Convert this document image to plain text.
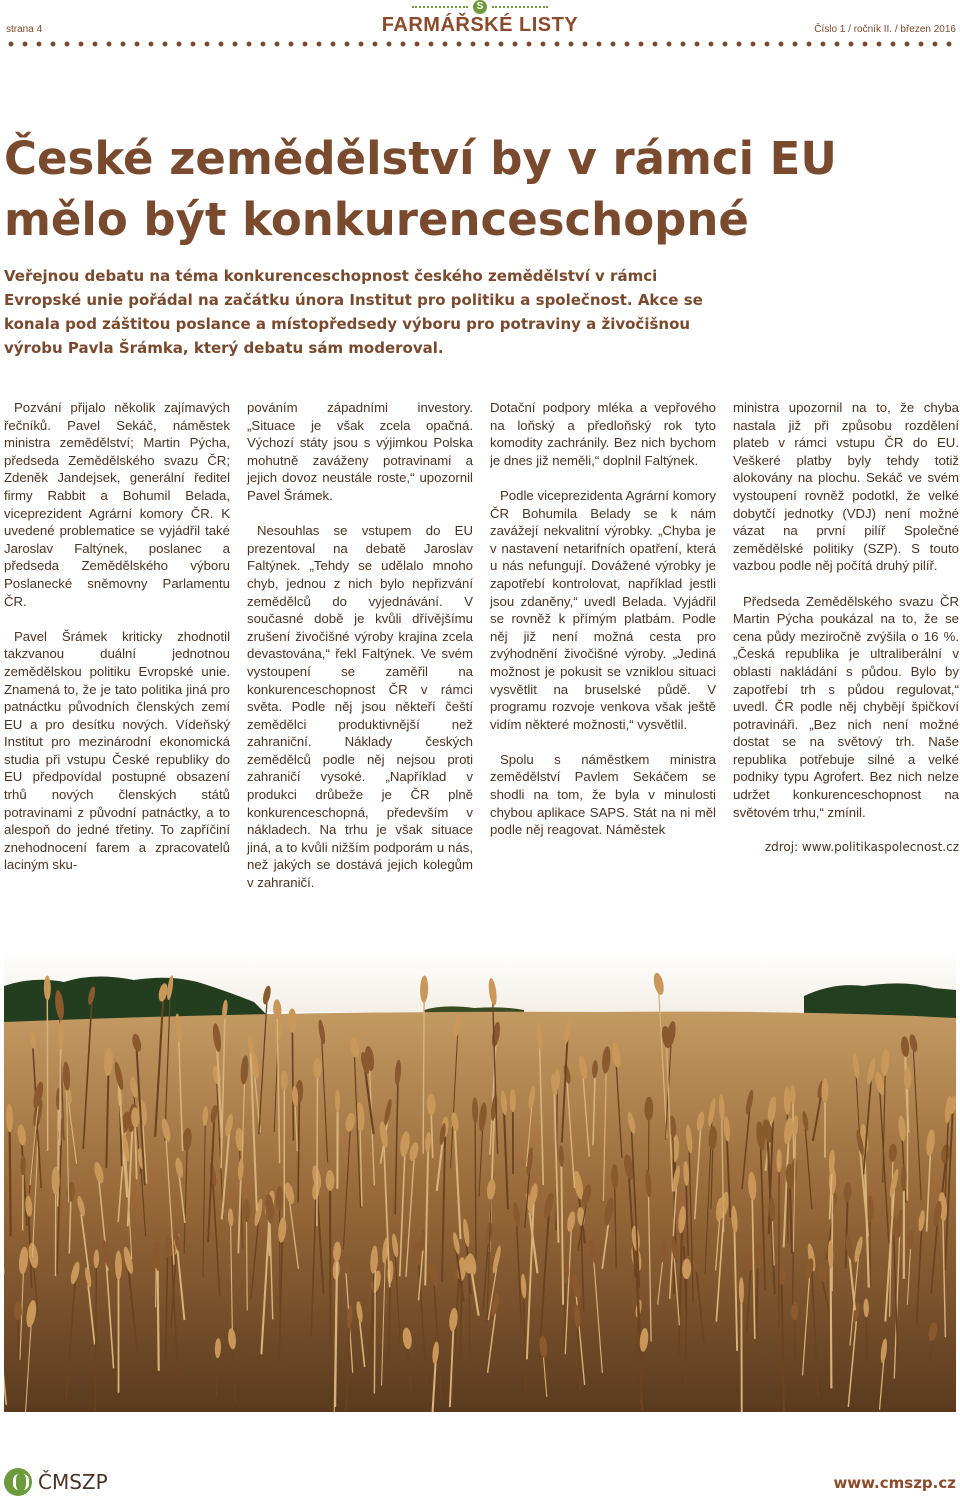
strana 4
S
FARMÁŘSKÉ LISTY	Číslo 1 / ročník II. / březen 2016
České zemědělství by v rámci EU
mělo být konkurenceschopné

Veřejnou debatu na téma konkurenceschopnost českého zemědělství v rámci Evropské unie pořádal na začátku února Institut pro politiku a společnost. Akce se konala pod záštitou poslance a místopředsedy výboru pro potraviny a živočišnou výrobu Pavla Šrámka, který debatu sám moderoval.

Pozvání přijalo několik zajímavých řečníků. Pavel Sekáč, náměstek ministra zemědělství; Martin Pýcha, předseda Zemědělského svazu ČR; Zdeněk Jandejsek, generální ředitel firmy Rabbit a Bohumil Belada, viceprezident Agrární komory ČR. K uvedené problematice se vyjádřil také Jaroslav Faltýnek, poslanec a předseda Zemědělského výboru Poslanecké sněmovny Parlamentu ČR.

Pavel Šrámek kriticky zhodnotil takzvanou duální jednotnou zemědělskou politiku Evropské unie. Znamená to, že je tato politika jiná pro patnáctku původních členských zemí EU a pro desítku nových. Vídeňský Institut pro mezinárodní ekonomická studia při vstupu České republiky do EU předpovídal postupné obsazení trhů nových členských států potravinami z původní patnáctky, a to alespoň do jedné třetiny. To zapříčiní znehodnocení farem a zpracovatelů laciným sku-

pováním západními investory. „Situace je však zcela opačná. Výchozí státy jsou s výjimkou Polska mohutně zaváženy potravinami a jejich dovoz neustále roste,“ upozornil Pavel Šrámek.

Nesouhlas se vstupem do EU prezentoval na debatě Jaroslav Faltýnek. „Tehdy se udělalo mnoho chyb, jednou z nich bylo nepřizvání zemědělců do vyjednávání. V současné době je kvůli dřívějšímu zrušení živočišné výroby krajina zcela devastována,“ řekl Faltýnek. Ve svém vystoupení se zaměřil na konkurenceschopnost ČR v rámci světa. Podle něj jsou někteří čeští zemědělci produktivnější než zahraniční. Náklady českých zemědělců podle něj nejsou proti zahraničí vysoké. „Například v produkci drůbeže je ČR plně konkurenceschopná, především v nákladech. Na trhu je však situace jiná, a to kvůli nižším podporám u nás, než jakých se dostává jejich kolegům v zahraničí.

Dotační podpory mléka a vepřového na loňský a předloňský rok tyto komodity zachránily. Bez nich bychom je dnes již neměli,“ doplnil Faltýnek.

Podle viceprezidenta Agrární komory ČR Bohumila Belady se k nám zavážejí nekvalitní výrobky. „Chyba je v nastavení netarifních opatření, která u nás nefungují. Dovážené výrobky je zapotřebí kontrolovat, například jestli jsou zdaněny,“ uvedl Belada. Vyjádřil se rovněž k přímým platbám. Podle něj již není možná cesta pro zvýhodnění živočišné výroby. „Jediná možnost je pokusit se vzniklou situaci vysvětlit na bruselské půdě. V programu rozvoje venkova však ještě vidím některé možnosti,“ vysvětlil.

Spolu s náměstkem ministra zemědělství Pavlem Sekáčem se shodli na tom, že byla v minulosti chybou aplikace SAPS. Stát na ni měl podle něj reagovat. Náměstek

ministra upozornil na to, že chyba nastala již při způsobu rozdělení plateb v rámci vstupu ČR do EU. Veškeré platby byly tehdy totiž alokovány na plochu. Sekáč ve svém vystoupení rovněž podotkl, že velké dobytčí jednotky (VDJ) není možné vázat na první pilíř Společné zemědělské politiky (SZP). S touto vazbou podle něj počítá druhý pilíř.

Předseda Zemědělského svazu ČR Martin Pýcha poukázal na to, že se cena půdy meziročně zvýšila o 16 %. „Česká republika je ultraliberální v oblasti nakládání s půdou. Bylo by zapotřebí trh s půdou regulovat,“ uvedl. ČR podle něj chybějí špičkoví potravináři. „Bez nich není možné dostat se na světový trh. Naše republika potřebuje silné a velké podniky typu Agrofert. Bez nich nelze udržet konkurenceschopnost na světovém trhu,“ zmínil.

zdroj: www.politikaspolecnost.cz

ČMSZP	www.cmszp.cz
